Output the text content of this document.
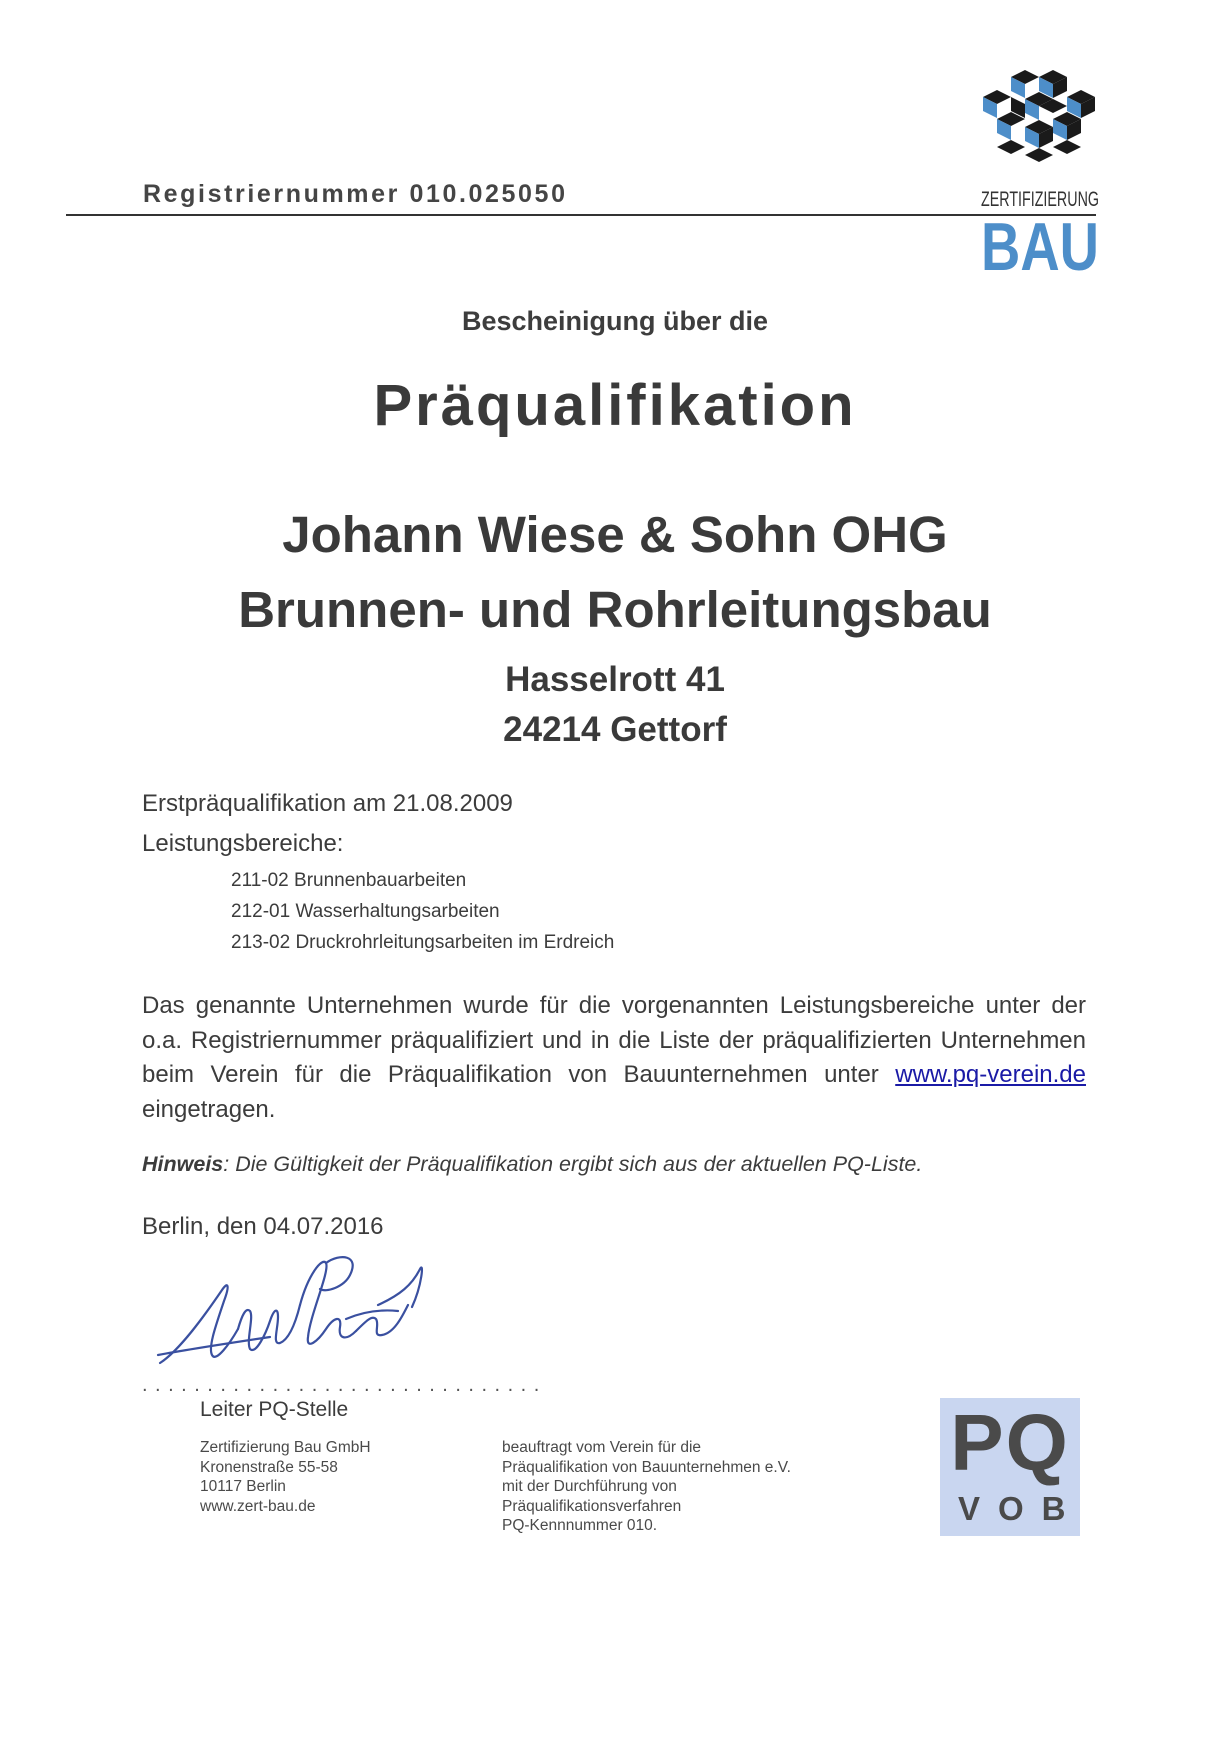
Registriernummer 010.025050	ZERTIFIZIERUNG
BAU
Bescheinigung über die
Präqualifikation
Johann Wiese & Sohn OHG
Brunnen- und Rohrleitungsbau
Hasselrott 41
24214 Gettorf
Erstpräqualifikation am 21.08.2009
Leistungsbereiche:
211-02 Brunnenbauarbeiten
212-01 Wasserhaltungsarbeiten
213-02 Druckrohrleitungsarbeiten im Erdreich
Das genannte Unternehmen wurde für die vorgenannten Leistungsbereiche unter der o.a. Registriernummer präqualifiziert und in die Liste der präqualifizierten Unternehmen beim Verein für die Präqualifikation von Bauunternehmen unter www.pq-verein.de eingetragen.
Hinweis: Die Gültigkeit der Präqualifikation ergibt sich aus der aktuellen PQ-Liste.
Berlin, den 04.07.2016
...............................
Leiter PQ-Stelle
Zertifizierung Bau GmbH
Kronenstraße 55-58
10117 Berlin
www.zert-bau.de
beauftragt vom Verein für die
Präqualifikation von Bauunternehmen e.V.
mit der Durchführung von
Präqualifikationsverfahren
PQ-Kennnummer 010.
PQ
VOB
